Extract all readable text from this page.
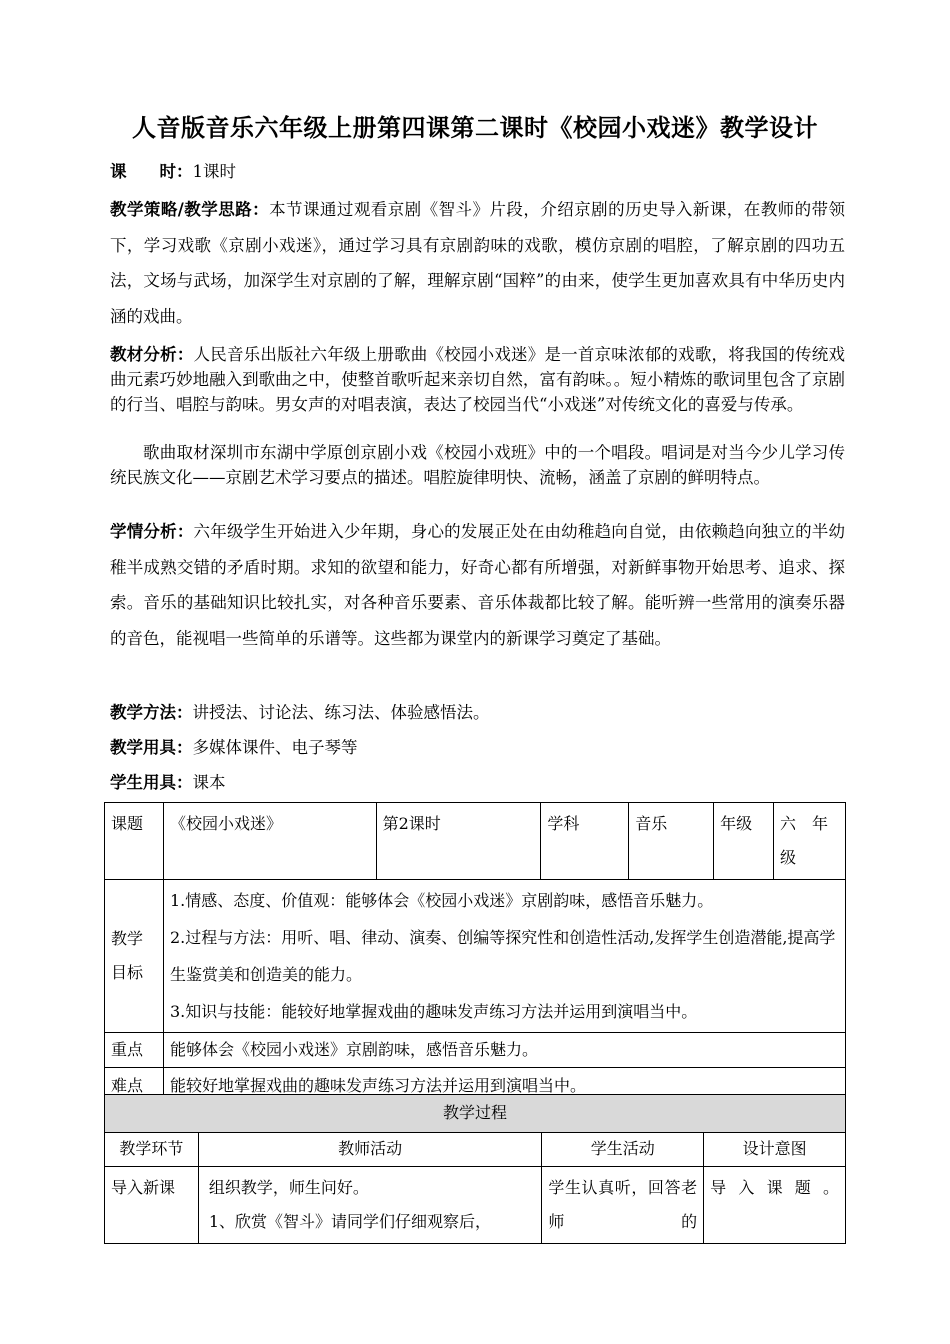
人音版音乐六年级上册第四课第二课时《校园小戏迷》教学设计

课　　时：1课时

教学策略/教学思路：本节课通过观看京剧《智斗》片段，介绍京剧的历史导入新课，在教师的带领下，学习戏歌《京剧小戏迷》，通过学习具有京剧韵味的戏歌，模仿京剧的唱腔，了解京剧的四功五法，文场与武场，加深学生对京剧的了解，理解京剧“国粹”的由来，使学生更加喜欢具有中华历史内涵的戏曲。

教材分析：人民音乐出版社六年级上册歌曲《校园小戏迷》是一首京味浓郁的戏歌，将我国的传统戏曲元素巧妙地融入到歌曲之中，使整首歌听起来亲切自然，富有韵味。。短小精炼的歌词里包含了京剧的行当、唱腔与韵味。男女声的对唱表演，表达了校园当代“小戏迷”对传统文化的喜爱与传承。

歌曲取材深圳市东湖中学原创京剧小戏《校园小戏班》中的一个唱段。唱词是对当今少儿学习传统民族文化——京剧艺术学习要点的描述。唱腔旋律明快、流畅，涵盖了京剧的鲜明特点。

学情分析：六年级学生开始进入少年期，身心的发展正处在由幼稚趋向自觉，由依赖趋向独立的半幼稚半成熟交错的矛盾时期。求知的欲望和能力，好奇心都有所增强，对新鲜事物开始思考、追求、探索。音乐的基础知识比较扎实，对各种音乐要素、音乐体裁都比较了解。能听辨一些常用的演奏乐器的音色，能视唱一些简单的乐谱等。这些都为课堂内的新课学习奠定了基础。

教学方法：讲授法、讨论法、练习法、体验感悟法。

教学用具：多媒体课件、电子琴等

学生用具：课本

课题	《校园小戏迷》	第2课时	学科	音乐	年级	六　年级

教学目标	1.情感、态度、价值观：能够体会《校园小戏迷》京剧韵味，感悟音乐魅力。

2.过程与方法：用听、唱、律动、演奏、创编等探究性和创造性活动,发挥学生创造潜能,提高学生鉴赏美和创造美的能力。

3.知识与技能：能较好地掌握戏曲的趣味发声练习方法并运用到演唱当中。					

重点	能够体会《校园小戏迷》京剧韵味，感悟音乐魅力。					
难点	能较好地掌握戏曲的趣味发声练习方法并运用到演唱当中。					
教学过程			
教学环节	教师活动	学生活动	设计意图
导入新课	组织教学，师生问好。
1、欣赏《智斗》请同学们仔细观察后，	学生认真听，回答老师的	导入课题。
